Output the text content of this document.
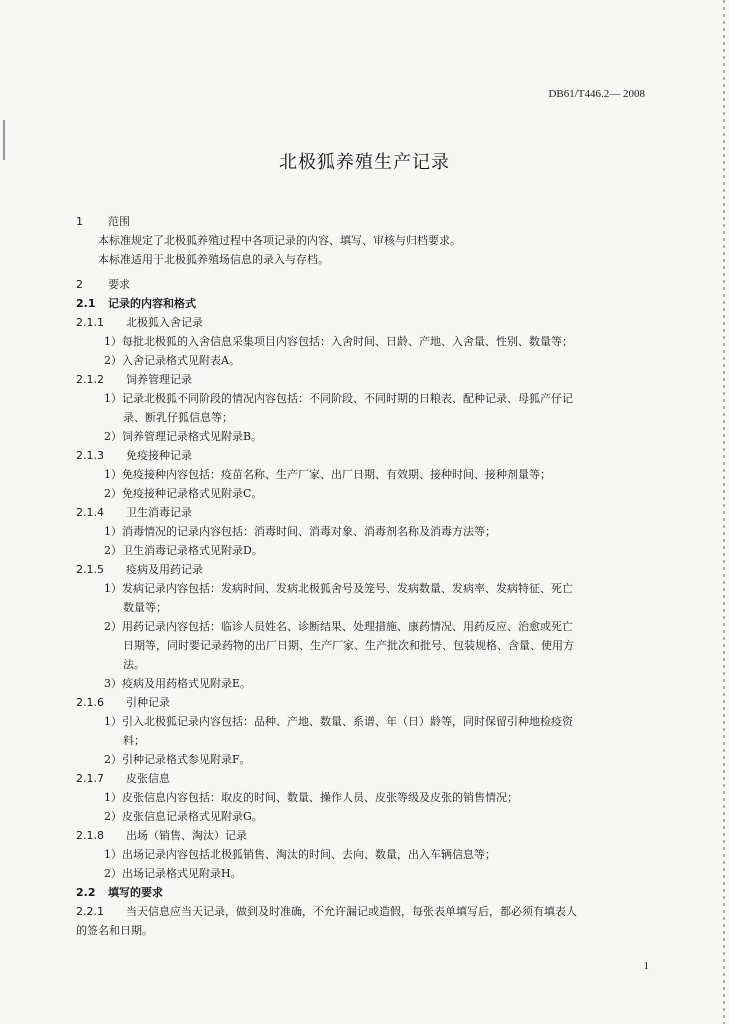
DB61/T446.2— 2008
北极狐养殖生产记录
1 范围
本标准规定了北极狐养殖过程中各项记录的内容、填写、审核与归档要求。
本标准适用于北极狐养殖场信息的录入与存档。
2 要求
2.1 记录的内容和格式
2.1.1 北极狐入舍记录
1）每批北极狐的入舍信息采集项目内容包括：入舍时间、日龄、产地、入舍量、性别、数量等；
2）入舍记录格式见附表A。
2.1.2 饲养管理记录
1）记录北极狐不同阶段的情况内容包括：不同阶段、不同时期的日粮表、配种记录、母狐产仔记
录、断乳仔狐信息等；
2）饲养管理记录格式见附录B。
2.1.3 免疫接种记录
1）免疫接种内容包括：疫苗名称、生产厂家、出厂日期、有效期、接种时间、接种剂量等；
2）免疫接种记录格式见附录C。
2.1.4 卫生消毒记录
1）消毒情况的记录内容包括：消毒时间、消毒对象、消毒剂名称及消毒方法等；
2）卫生消毒记录格式见附录D。
2.1.5 疫病及用药记录
1）发病记录内容包括：发病时间、发病北极狐舍号及笼号、发病数量、发病率、发病特征、死亡
数量等；
2）用药记录内容包括：临诊人员姓名、诊断结果、处理措施、康药情况、用药反应、治愈或死亡
日期等，同时要记录药物的出厂日期、生产厂家、生产批次和批号、包装规格、含量、使用方
法。
3）疫病及用药格式见附录E。
2.1.6 引种记录
1）引入北极狐记录内容包括：品种、产地、数量、系谱、年（日）龄等，同时保留引种地检疫资
料；
2）引种记录格式参见附录F。
2.1.7 皮张信息
1）皮张信息内容包括：取皮的时间、数量、操作人员、皮张等级及皮张的销售情况；
2）皮张信息记录格式见附录G。
2.1.8 出场（销售、淘汰）记录
1）出场记录内容包括北极狐销售、淘汰的时间、去向、数量，出入车辆信息等；
2）出场记录格式见附录H。
2.2 填写的要求
2.2.1 当天信息应当天记录，做到及时准确，不允许漏记或造假，每张表单填写后，都必须有填表人
的签名和日期。
1
